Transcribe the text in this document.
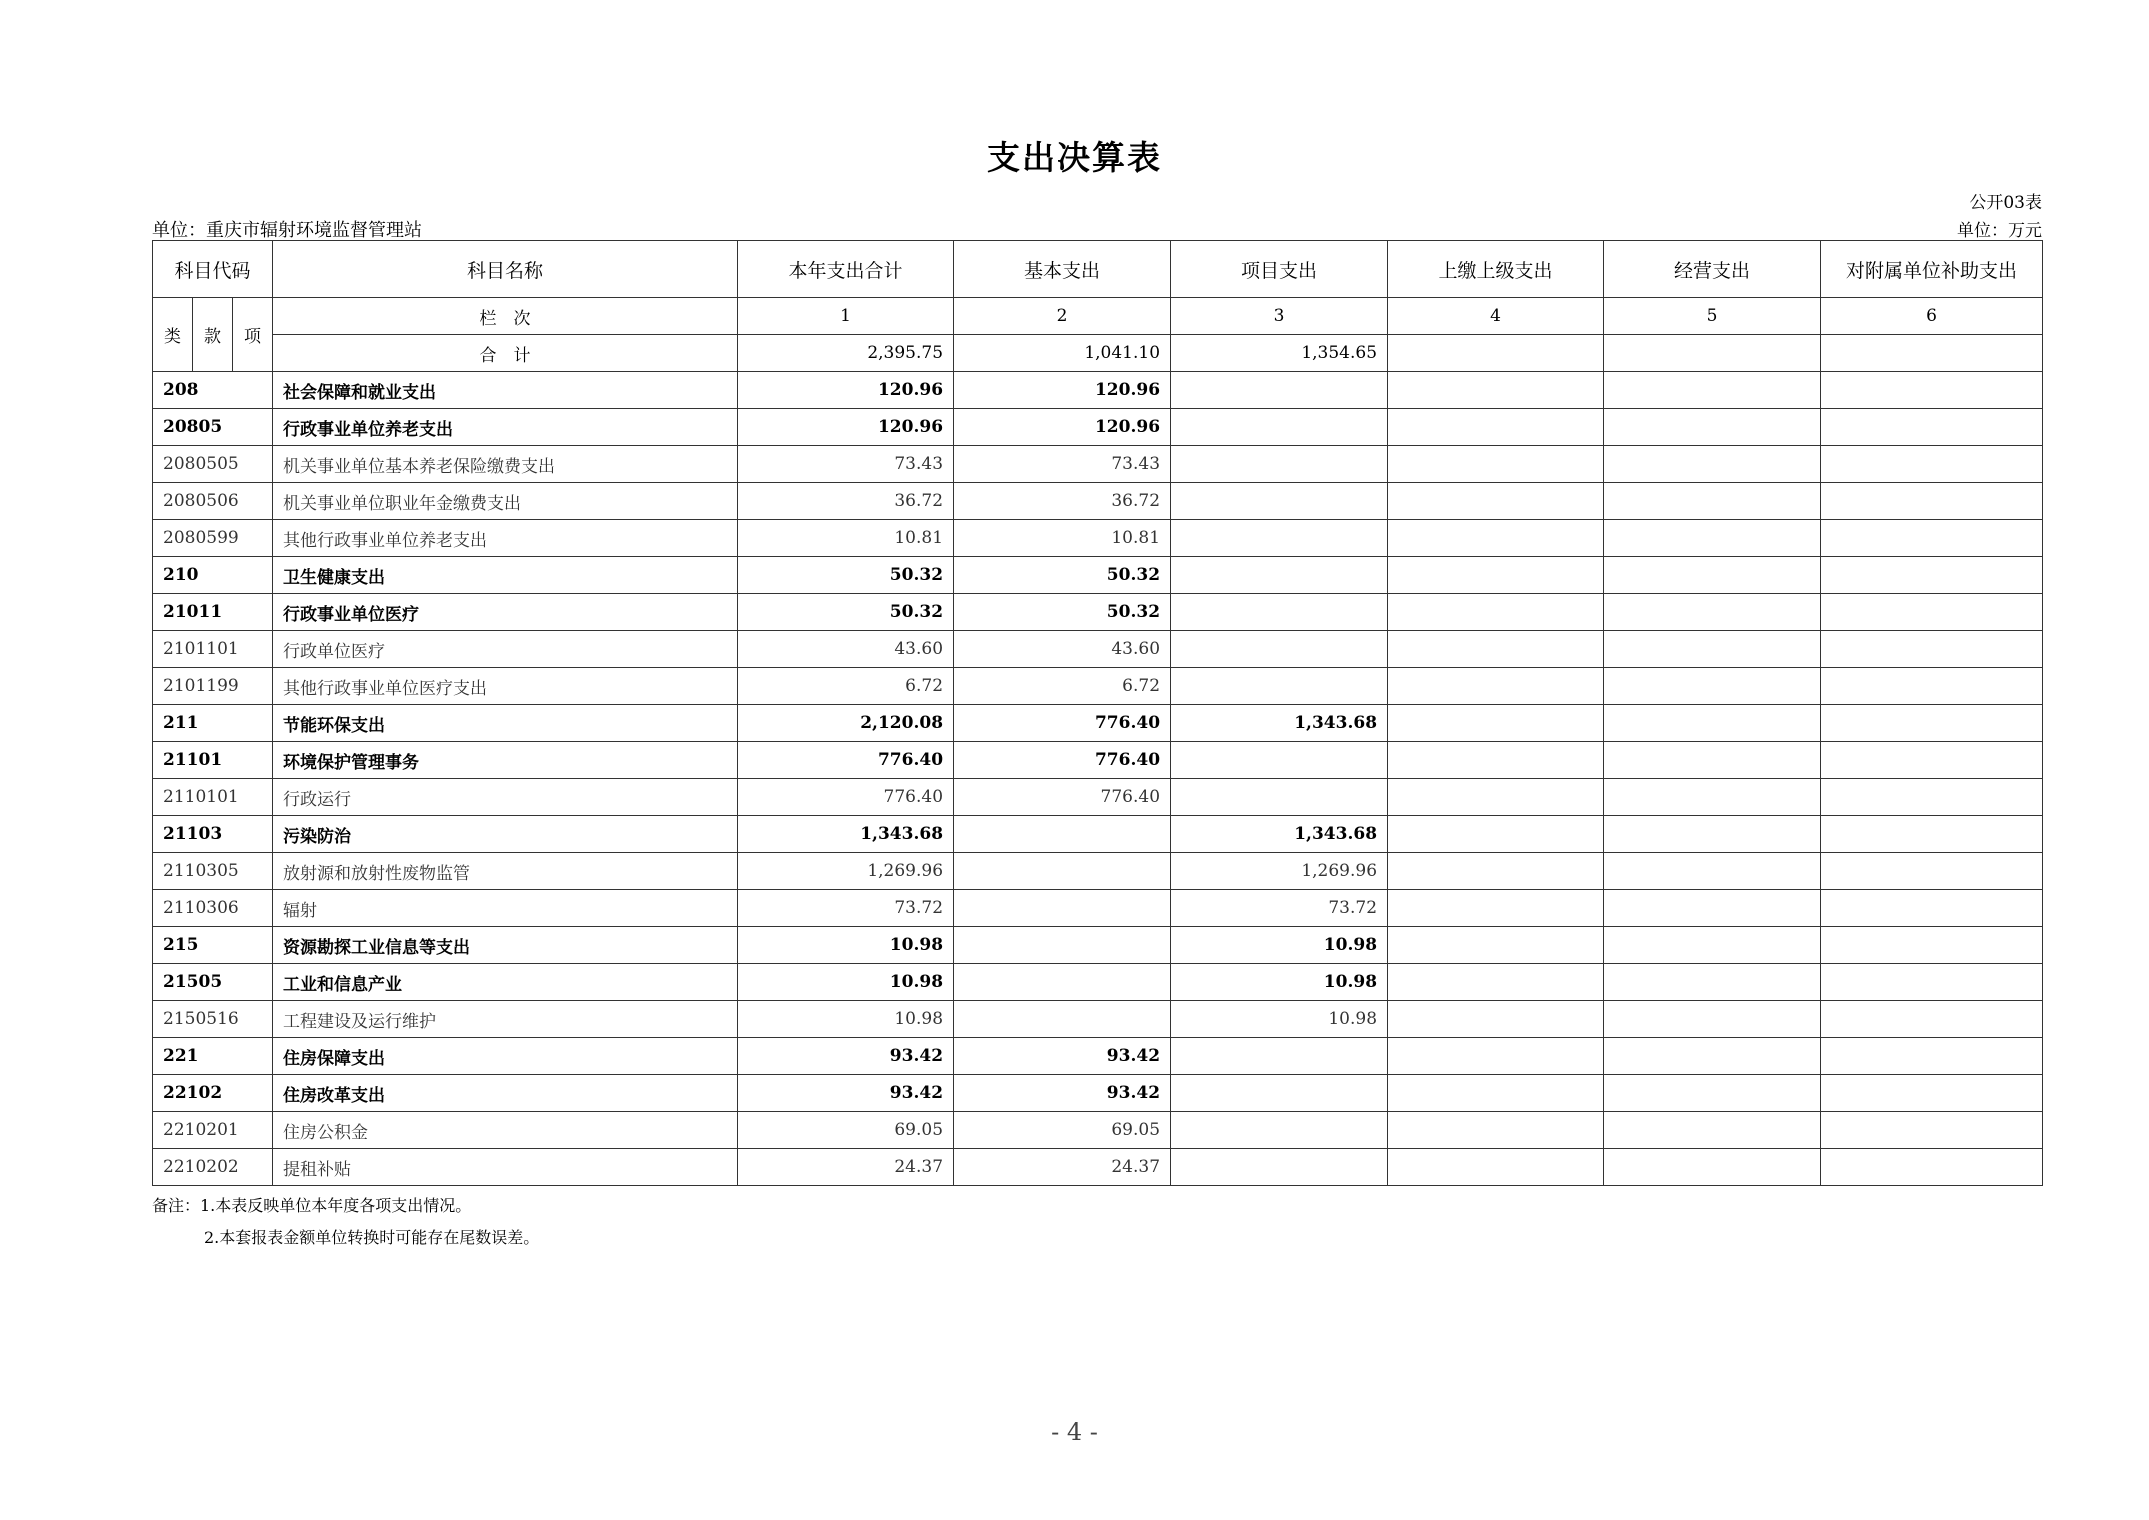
支出决算表
公开03表
单位：重庆市辐射环境监督管理站	单位：万元
科目代码			科目名称	本年支出合计	基本支出	项目支出	上缴上级支出	经营支出	对附属单位补助支出
类	款	项	栏　次	1	2	3	4	5	6
			合　计	2,395.75	1,041.10	1,354.65			
208			社会保障和就业支出	120.96	120.96				
20805			行政事业单位养老支出	120.96	120.96				
2080505			机关事业单位基本养老保险缴费支出	73.43	73.43				
2080506			机关事业单位职业年金缴费支出	36.72	36.72				
2080599			其他行政事业单位养老支出	10.81	10.81				
210			卫生健康支出	50.32	50.32				
21011			行政事业单位医疗	50.32	50.32				
2101101			行政单位医疗	43.60	43.60				
2101199			其他行政事业单位医疗支出	6.72	6.72				
211			节能环保支出	2,120.08	776.40	1,343.68			
21101			环境保护管理事务	776.40	776.40				
2110101			行政运行	776.40	776.40				
21103			污染防治	1,343.68		1,343.68			
2110305			放射源和放射性废物监管	1,269.96		1,269.96			
2110306			辐射	73.72		73.72			
215			资源勘探工业信息等支出	10.98		10.98			
21505			工业和信息产业	10.98		10.98			
2150516			工程建设及运行维护	10.98		10.98			
221			住房保障支出	93.42	93.42				
22102			住房改革支出	93.42	93.42				
2210201			住房公积金	69.05	69.05				
2210202			提租补贴	24.37	24.37				
备注：1.本表反映单位本年度各项支出情况。
2.本套报表金额单位转换时可能存在尾数误差。
- 4 -
